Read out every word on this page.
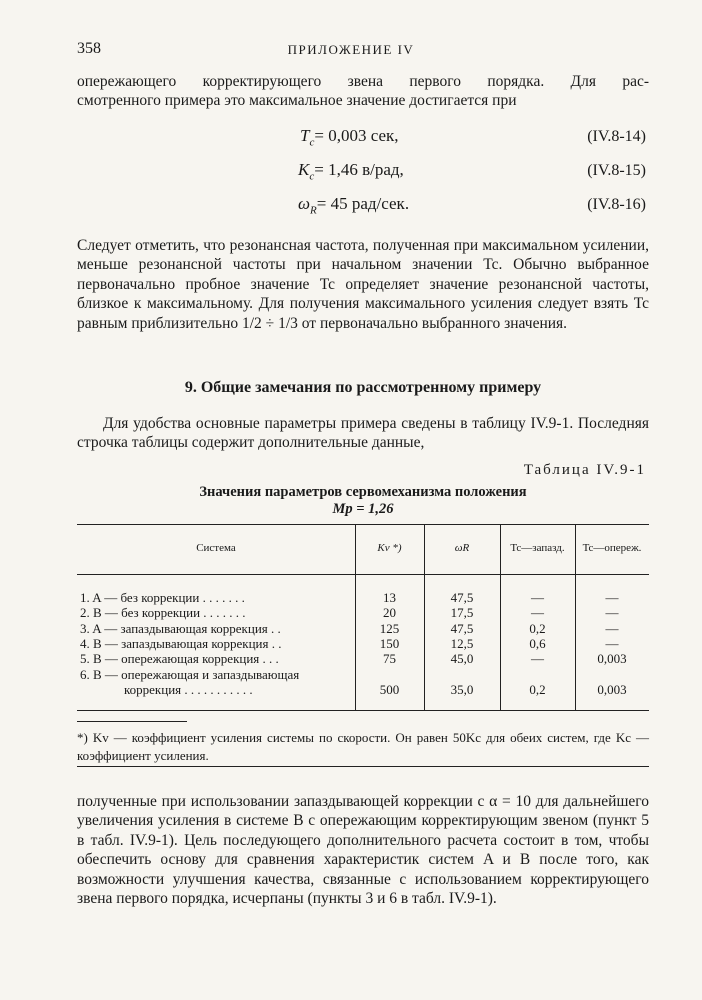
358	ПРИЛОЖЕНИЕ IV
опережающего корректирующего звена первого порядка. Для рас-
смотренного примера это максимальное значение достигается при
$T_c= 0,003$ сек,	(IV.8-14)
$K_c= 1,46$ в/рад,	(IV.8-15)
$\omega_R= 45$ рад/сек.	(IV.8-16)
Следует отметить, что резонансная частота, полученная при максимальном усилении, меньше резонансной частоты при начальном значении Tc. Обычно выбранное первоначально пробное значение Tc определяет значение резонансной частоты, близкое к максимальному. Для получения максимального усиления следует взять Tc равным приблизительно 1/2 ÷ 1/3 от первоначально выбранного значения.
9. Общие замечания по рассмотренному примеру
Для удобства основные параметры примера сведены в таблицу IV.9-1. Последняя строчка таблицы содержит дополнительные данные,
Таблица IV.9-1
Значения параметров сервомеханизма положения
Mp = 1,26
Система	Kv *)	ωR	Tc—запазд.	Tc—опереж.
1. A — без коррекции . . . . . . .	13	47,5	—	—
2. B — без коррекции . . . . . . .	20	17,5	—	—
3. A — запаздывающая коррекция . .	125	47,5	0,2	—
4. B — запаздывающая коррекция . .	150	12,5	0,6	—
5. B — опережающая коррекция . . .	75	45,0	—	0,003
6. B — опережающая и запаздывающая
коррекция . . . . . . . . . . .	500	35,0	0,2	0,003
*) Kv — коэффициент усиления системы по скорости. Он равен 50Kc для обеих систем, где Kc — коэффициент усиления.
полученные при использовании запаздывающей коррекции с α = 10 для дальнейшего увеличения усиления в системе B с опережающим корректирующим звеном (пункт 5 в табл. IV.9-1). Цель последующего дополнительного расчета состоит в том, чтобы обеспечить основу для сравнения характеристик систем A и B после того, как возможности улучшения качества, связанные с использованием корректирующего звена первого порядка, исчерпаны (пункты 3 и 6 в табл. IV.9-1).
